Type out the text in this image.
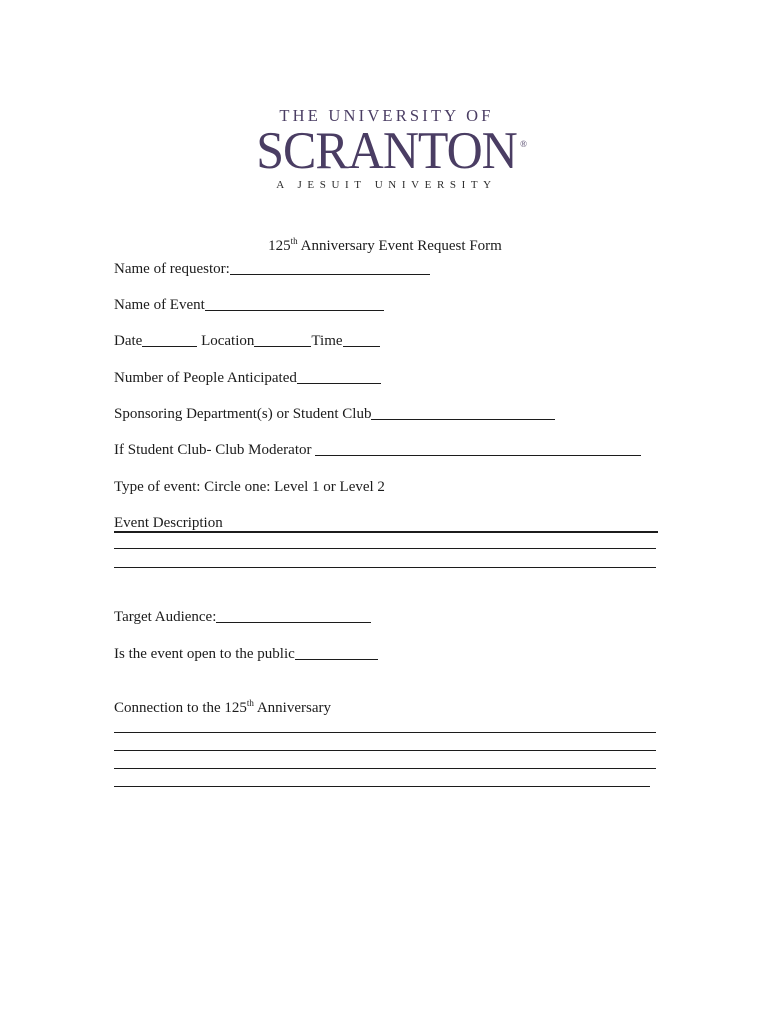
THE UNIVERSITY OF
SCRANTON ®
A JESUIT UNIVERSITY
125th Anniversary Event Request Form
Name of requestor:
Name of Event
Date	Location	Time
Number of People Anticipated
Sponsoring Department(s) or Student Club
If Student Club- Club Moderator
Type of event: Circle one: Level 1 or Level 2
Event Description
Target Audience:
Is the event open to the public
Connection to the 125th Anniversary
